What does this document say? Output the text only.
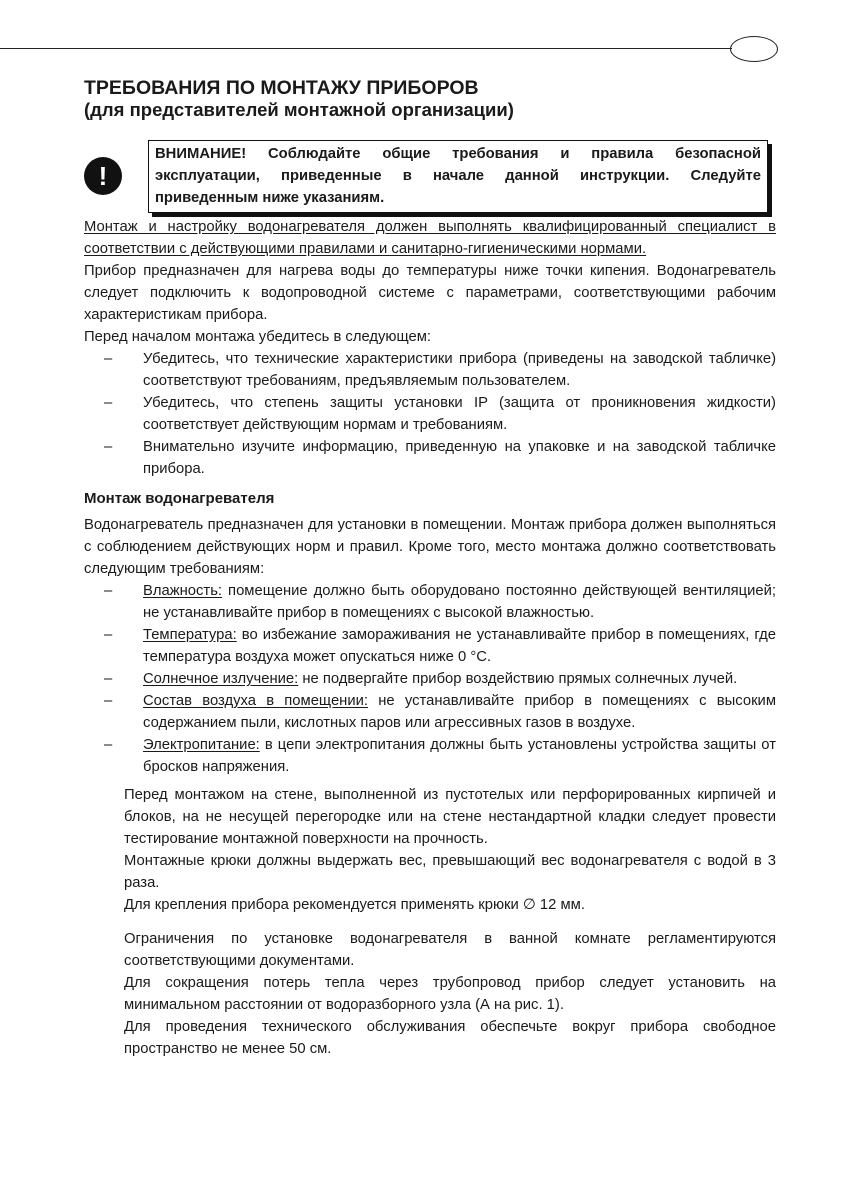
ТРЕБОВАНИЯ ПО МОНТАЖУ ПРИБОРОВ
(для представителей монтажной организации)
!
ВНИМАНИЕ! Соблюдайте общие требования и правила безопасной эксплуатации, приведенные в начале данной инструкции. Следуйте приведенным ниже указаниям.

Монтаж и настройку водонагревателя должен выполнять квалифицированный специалист в соответствии с действующими правилами и санитарно-гигиеническими нормами.

Прибор предназначен для нагрева воды до температуры ниже точки кипения. Водонагреватель следует подключить к водопроводной системе с параметрами, соответствующими рабочим характеристикам прибора.

Перед началом монтажа убедитесь в следующем:

– Убедитесь, что технические характеристики прибора (приведены на заводской табличке) соответствуют требованиям, предъявляемым пользователем.
– Убедитесь, что степень защиты установки IP (защита от проникновения жидкости) соответствует действующим нормам и требованиям.
– Внимательно изучите информацию, приведенную на упаковке и на заводской табличке прибора.
Монтаж водонагревателя

Водонагреватель предназначен для установки в помещении. Монтаж прибора должен выполняться с соблюдением действующих норм и правил. Кроме того, место монтажа должно соответствовать следующим требованиям:

– Влажность: помещение должно быть оборудовано постоянно действующей вентиляцией; не устанавливайте прибор в помещениях с высокой влажностью.
– Температура: во избежание замораживания не устанавливайте прибор в помещениях, где температура воздуха может опускаться ниже 0 °C.
– Солнечное излучение: не подвергайте прибор воздействию прямых солнечных лучей.
– Состав воздуха в помещении: не устанавливайте прибор в помещениях с высоким содержанием пыли, кислотных паров или агрессивных газов в воздухе.
– Электропитание: в цепи электропитания должны быть установлены устройства защиты от бросков напряжения.

Перед монтажом на стене, выполненной из пустотелых или перфорированных кирпичей и блоков, на не несущей перегородке или на стене нестандартной кладки следует провести тестирование монтажной поверхности на прочность.

Монтажные крюки должны выдержать вес, превышающий вес водонагревателя с водой в 3 раза.

Для крепления прибора рекомендуется применять крюки ∅ 12 мм.

Ограничения по установке водонагревателя в ванной комнате регламентируются соответствующими документами.

Для сокращения потерь тепла через трубопровод прибор следует установить на минимальном расстоянии от водоразборного узла (А на рис. 1).

Для проведения технического обслуживания обеспечьте вокруг прибора свободное пространство не менее 50 см.
